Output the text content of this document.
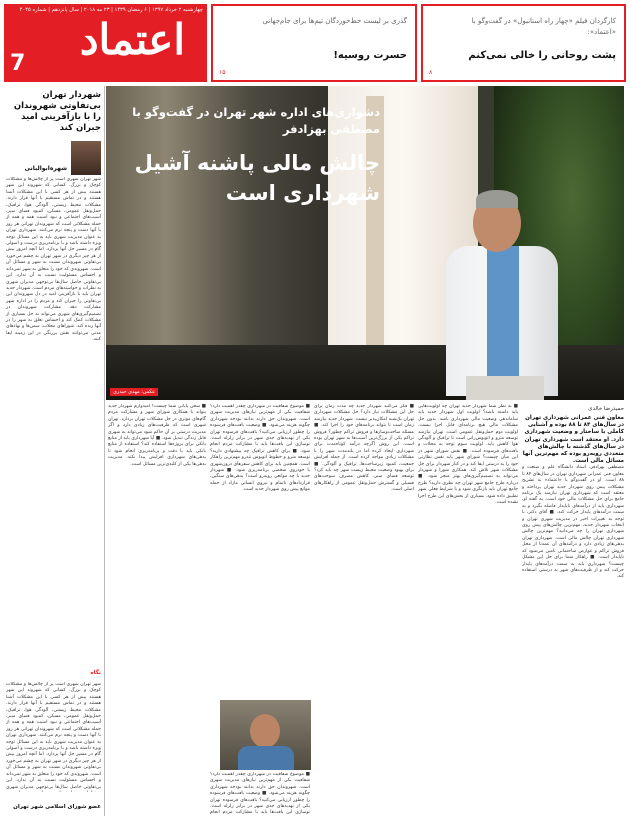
اعتماد
7
چهارشنبه ۲ خرداد ۱۳۹۷ | ۶ رمضان ۱۴۳۹ | ۲۳ مه ۲۰۱۸ | سال پانزدهم | شماره ۴۰۴۵
گذری بر لیست خط‌خوردگان تیم‌ها برای جام‌جهانی
حسرت روسیه!
۱۵
کارگردان فیلم «چهار راه استانبول» در گفت‌وگو با «اعتماد»:
پشت روحانی را خالی نمی‌کنم
۸
دشواری‌های اداره شهر تهران در گفت‌وگو با مصطفی بهزادفر
چالش مالی پاشنه آشیل شهرداری است
عکس: مهدی حیدری
شهردار تهران بی‌تفاوتی شهروندان را با بازآفرینی امید جبران کند
شهره‌ابوالبانی
شهر تهران شهری است پر از چالش‌ها و مشکلات کوچک و بزرگ. کسانی که شهروند این شهر هستند بیش از هر کسی با این مشکلات آشنا هستند و در تماس مستقیم با آنها قرار دارند. مشکلات محیط زیستی، آلودگی هوا، ترافیک، حمل‌ونقل عمومی، مسکن، کمبود فضای سبز، آسیب‌های اجتماعی و نبود امنیت همه و همه از جمله مشکلاتی است که شهروندان تهرانی هر روز با آنها دست و پنجه نرم می‌کنند. شهرداری تهران به عنوان مدیریت شهری باید به این مسائل توجه ویژه داشته باشد و با برنامه‌ریزی درست و اصولی گام در مسیر حل آنها بردارد. اما آنچه امروز بیش از هر چیز دیگری در شهر تهران به چشم می‌خورد بی‌تفاوتی شهروندان نسبت به شهر و مسائل آن است. شهروندی که خود را متعلق به شهر نمی‌داند و احساس مسئولیت نسبت به آن ندارد. این بی‌تفاوتی حاصل سال‌ها بی‌توجهی مدیران شهری به نظرات و خواسته‌های مردم است. شهردار جدید تهران باید با بازآفرینی امید در دل شهروندان این بی‌تفاوتی را جبران کند و مردم را در اداره شهر مشارکت دهد. مشارکت شهروندان در تصمیم‌گیری‌های شهری می‌تواند به حل بسیاری از مشکلات کمک کند و احساس تعلق به شهر را در آنها زنده کند. شوراهای محلات، سمن‌ها و نهادهای مدنی می‌توانند نقش پررنگی در این زمینه ایفا کنند.
نگاه
شهر تهران شهری است پر از چالش‌ها و مشکلات کوچک و بزرگ. کسانی که شهروند این شهر هستند بیش از هر کسی با این مشکلات آشنا هستند و در تماس مستقیم با آنها قرار دارند. مشکلات محیط زیستی، آلودگی هوا، ترافیک، حمل‌ونقل عمومی، مسکن، کمبود فضای سبز، آسیب‌های اجتماعی و نبود امنیت همه و همه از جمله مشکلاتی است که شهروندان تهرانی هر روز با آنها دست و پنجه نرم می‌کنند. شهرداری تهران به عنوان مدیریت شهری باید به این مسائل توجه ویژه داشته باشد و با برنامه‌ریزی درست و اصولی گام در مسیر حل آنها بردارد. اما آنچه امروز بیش از هر چیز دیگری در شهر تهران به چشم می‌خورد بی‌تفاوتی شهروندان نسبت به شهر و مسائل آن است. شهروندی که خود را متعلق به شهر نمی‌داند و احساس مسئولیت نسبت به آن ندارد. این بی‌تفاوتی حاصل سال‌ها بی‌توجهی مدیران شهری
عضو شورای اسلامی شهر تهران
حمیدرضا خالدی
معاون فنی عمرانی شهرداری تهران در سال‌های ۸۴ تا ۸۸ بوده و آشنایی کاملی با ساختار و وضعیت شهرداری دارد. او معتقد است شهرداری تهران در سال‌های گذشته با چالش‌های متعددی روبه‌رو بوده که مهم‌ترین آنها مسائل مالی است.
مصطفی بهزادفر، استاد دانشگاه علم و صنعت و معاون فنی عمرانی شهرداری تهران در سال‌های ۸۴ تا ۸۸ است. او در گفت‌وگو با «اعتماد» به تشریح مشکلات پیش روی شهردار جدید تهران پرداخته و معتقد است که شهرداری تهران نیازمند یک برنامه جامع برای حل مشکلات مالی خود است. به گفته او، شهرداری باید از درآمدهای ناپایدار فاصله بگیرد و به سمت درآمدهای پایدار حرکت کند. ■ آقای دکتر، با توجه به تغییرات اخیر در مدیریت شهری تهران و انتخاب شهردار جدید، مهم‌ترین چالش‌های پیش روی شهرداری تهران را چه می‌دانید؟ مهم‌ترین چالش شهرداری تهران چالش مالی است. شهرداری تهران بدهی‌های زیادی دارد و درآمدهای آن عمدتا از محل فروش تراکم و عوارض ساختمانی تامین می‌شود که ناپایدار است. ■ راهکار شما برای حل این مشکل چیست؟ شهرداری باید به سمت درآمدهای پایدار حرکت کند و از ظرفیت‌های شهر به درستی استفاده کند.
■ به نظر شما شهردار جدید تهران چه اولویت‌هایی باید داشته باشد؟ اولویت اول شهردار جدید باید ساماندهی وضعیت مالی شهرداری باشد. بدون حل مشکلات مالی هیچ برنامه‌ای قابل اجرا نیست. اولویت دوم حمل‌ونقل عمومی است. تهران نیازمند توسعه مترو و اتوبوس‌رانی است تا ترافیک و آلودگی هوا کاهش یابد. اولویت سوم توجه به محلات و بافت‌های فرسوده است. ■ نقش شورای شهر در این میان چیست؟ شورای شهر باید نقش نظارتی خود را به درستی ایفا کند و در کنار شهردار برای حل مشکلات شهر تلاش کند. همکاری شورا و شهردار می‌تواند به تصمیم‌گیری‌های بهتر منجر شود. ■ درباره طرح جامع شهر تهران چه نظری دارید؟ طرح جامع تهران باید بازنگری شود و با شرایط فعلی شهر تطبیق داده شود. بسیاری از بخش‌های این طرح اجرا نشده است.
■ فکر می‌کنید شهردار جدید چه مدت زمان برای حل این مشکلات نیاز دارد؟ حل مشکلات شهرداری تهران یک‌شبه امکان‌پذیر نیست. شهردار جدید نیازمند زمان است تا بتواند برنامه‌های خود را اجرا کند. ■ مسئله ساخت‌وسازها و فروش تراکم چطور؟ فروش تراکم یکی از بزرگ‌ترین آسیب‌ها به شهر تهران بوده است. این روش اگرچه درآمد کوتاه‌مدت برای شهرداری ایجاد کرده اما در بلندمدت شهر را با مشکلات زیادی مواجه کرده است. از جمله افزایش جمعیت، کمبود زیرساخت‌ها، ترافیک و آلودگی. ■ برای بهبود وضعیت محیط زیست شهر چه باید کرد؟ توسعه فضای سبز، کاهش مصرف سوخت‌های فسیلی و گسترش حمل‌ونقل عمومی از راهکارهای اصلی است.
■ موضوع شفافیت در شهرداری چقدر اهمیت دارد؟ شفافیت یکی از مهم‌ترین نیازهای مدیریت شهری است. شهروندان حق دارند بدانند بودجه شهرداری چگونه هزینه می‌شود. ■ وضعیت بافت‌های فرسوده را چطور ارزیابی می‌کنید؟ بافت‌های فرسوده تهران یکی از تهدیدهای جدی شهر در برابر زلزله است. نوسازی این بافت‌ها باید با مشارکت مردم انجام شود. ■ برای کاهش ترافیک چه پیشنهادی دارید؟ توسعه مترو و خطوط اتوبوس تندرو مهم‌ترین راهکار است. همچنین باید برای کاهش سفرهای درون‌شهری با خودروی شخصی برنامه‌ریزی شود. ■ شهردار جدید با چه موانعی روبه‌رو است؟ بدهی‌های سنگین، قراردادهای ناتمام و نیروی انسانی مازاد از جمله موانع پیش روی شهردار جدید است.
■ سخن پایانی شما چیست؟ امیدوارم شهردار جدید بتواند با همکاری شورای شهر و مشارکت مردم گام‌های موثری در حل مشکلات تهران بردارد. تهران شهری است که ظرفیت‌های زیادی دارد و اگر مدیریت درستی بر آن حاکم شود می‌تواند به شهری قابل زندگی تبدیل شود. ■ آیا شهرداری باید از منابع بانکی برای پروژه‌ها استفاده کند؟ استفاده از منابع بانکی باید با دقت و برنامه‌ریزی انجام شود تا بدهی‌های شهرداری افزایش پیدا نکند. مدیریت بدهی‌ها یکی از کلیدی‌ترین مسائل است.
■ موضوع شفافیت در شهرداری چقدر اهمیت دارد؟ شفافیت یکی از مهم‌ترین نیازهای مدیریت شهری است. شهروندان حق دارند بدانند بودجه شهرداری چگونه هزینه می‌شود. ■ وضعیت بافت‌های فرسوده را چطور ارزیابی می‌کنید؟ بافت‌های فرسوده تهران یکی از تهدیدهای جدی شهر در برابر زلزله است. نوسازی این بافت‌ها باید با مشارکت مردم انجام
